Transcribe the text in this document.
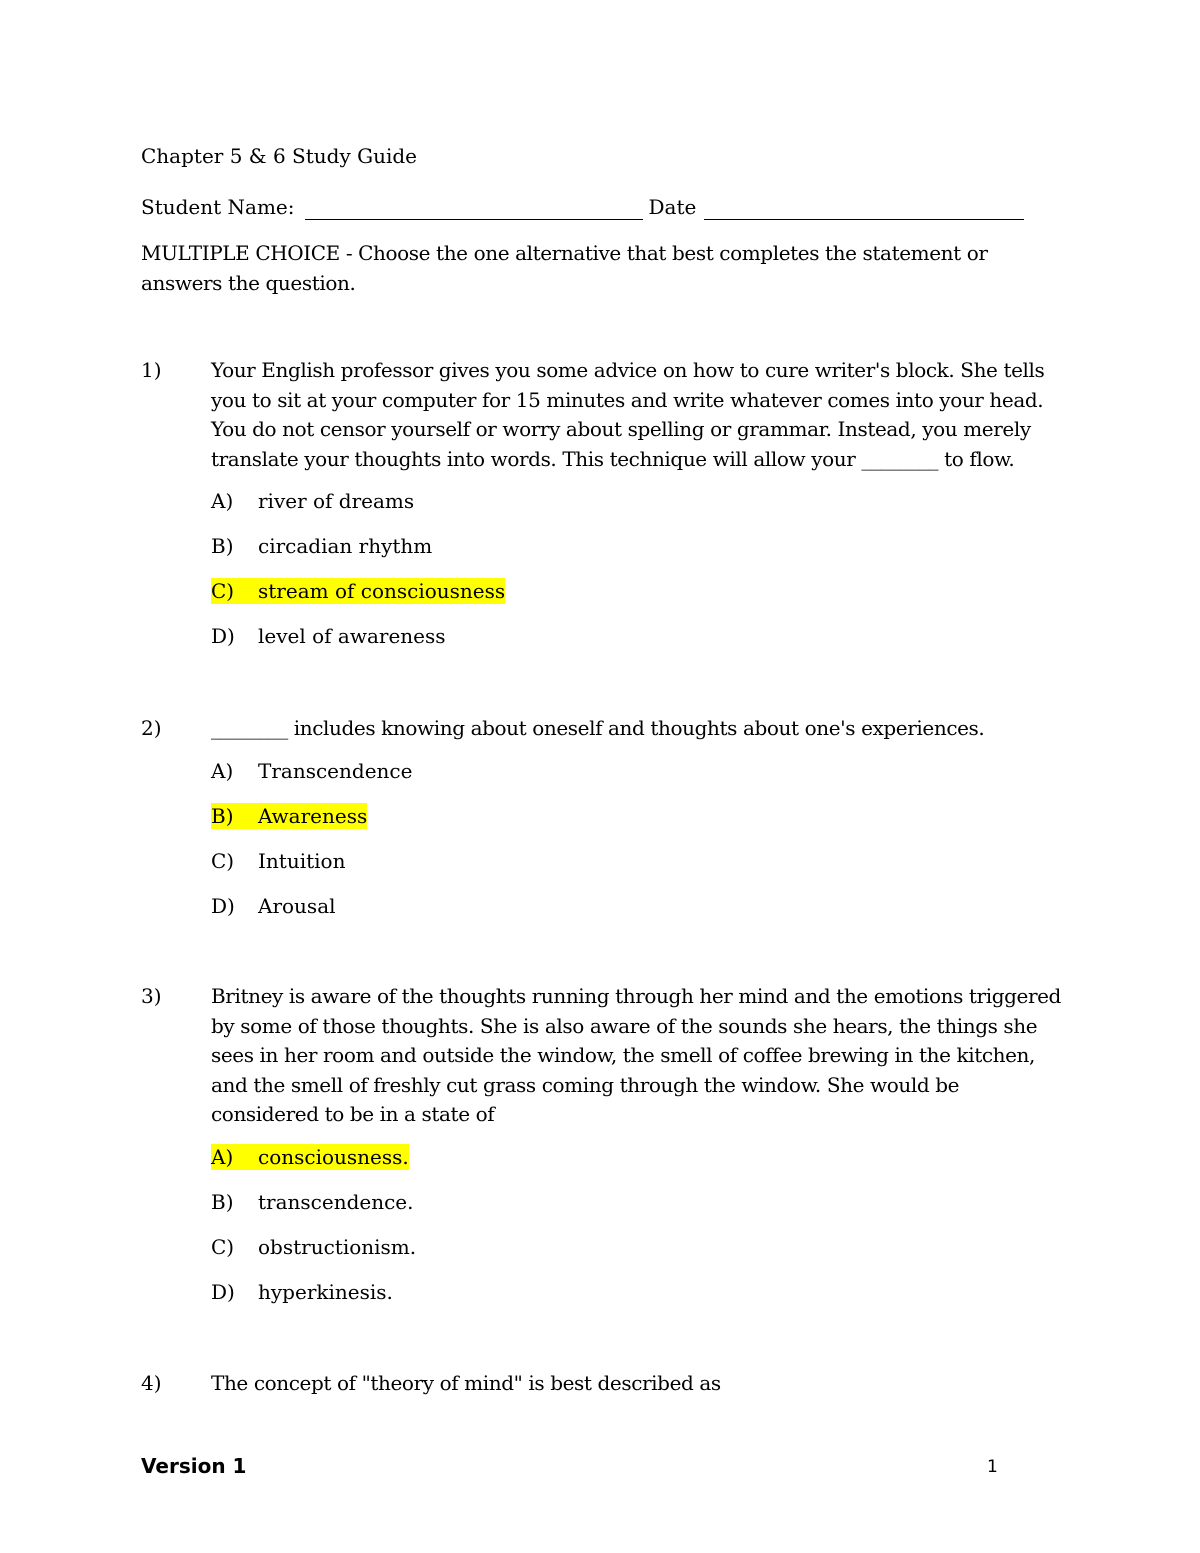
Chapter 5 & 6 Study Guide
Student Name:	Date
MULTIPLE CHOICE - Choose the one alternative that best completes the statement or answers the question.
1) Your English professor gives you some advice on how to cure writer's block. She tells you to sit at your computer for 15 minutes and write whatever comes into your head. You do not censor yourself or worry about spelling or grammar. Instead, you merely translate your thoughts into words. This technique will allow your ________ to flow.
A) river of dreams
B) circadian rhythm
C) stream of consciousness
D) level of awareness
2) ________ includes knowing about oneself and thoughts about one's experiences.
A) Transcendence
B) Awareness
C) Intuition
D) Arousal
3) Britney is aware of the thoughts running through her mind and the emotions triggered by some of those thoughts. She is also aware of the sounds she hears, the things she sees in her room and outside the window, the smell of coffee brewing in the kitchen, and the smell of freshly cut grass coming through the window. She would be considered to be in a state of
A) consciousness.
B) transcendence.
C) obstructionism.
D) hyperkinesis.
4) The concept of "theory of mind" is best described as
Version 1	1
